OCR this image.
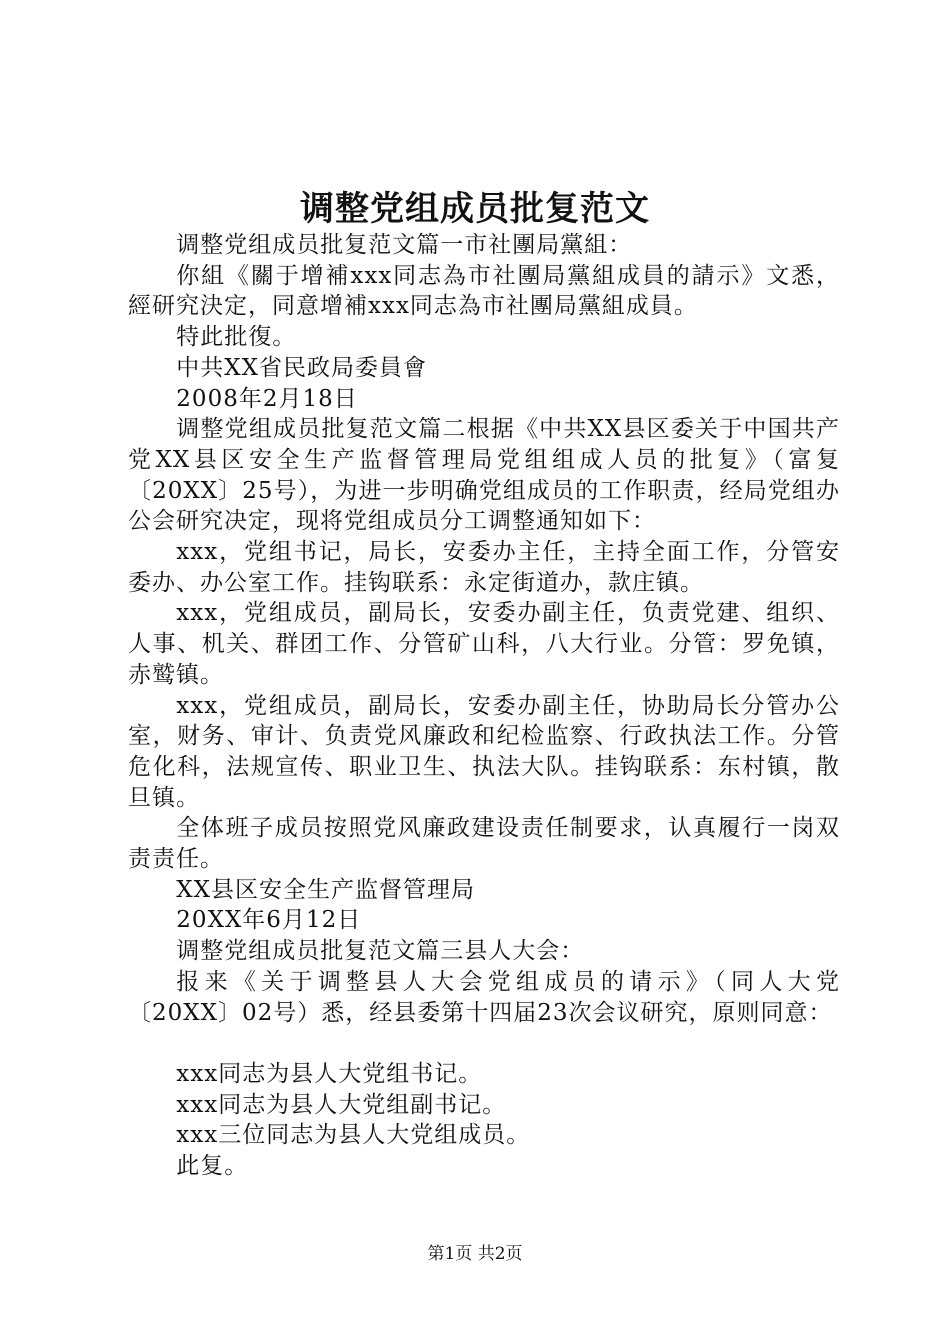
调整党组成员批复范文

调整党组成员批复范文篇一市社團局黨組：

你組《關于增補xxx同志為市社團局黨組成員的請示》文悉，經研究決定，同意增補xxx同志為市社團局黨組成員。

特此批復。

中共XX省民政局委員會

2008年2月18日

调整党组成员批复范文篇二根据《中共XX县区委关于中国共产党XX县区安全生产监督管理局党组组成人员的批复》（富复〔20XX〕25号），为进一步明确党组成员的工作职责，经局党组办公会研究决定，现将党组成员分工调整通知如下：

xxx，党组书记，局长，安委办主任，主持全面工作，分管安委办、办公室工作。挂钩联系：永定街道办，款庄镇。

xxx，党组成员，副局长，安委办副主任，负责党建、组织、人事、机关、群团工作、分管矿山科，八大行业。分管：罗免镇，赤鹫镇。

xxx，党组成员，副局长，安委办副主任，协助局长分管办公室，财务、审计、负责党风廉政和纪检监察、行政执法工作。分管危化科，法规宣传、职业卫生、执法大队。挂钩联系：东村镇，散旦镇。

全体班子成员按照党风廉政建设责任制要求，认真履行一岗双责责任。

XX县区安全生产监督管理局

20XX年6月12日

调整党组成员批复范文篇三县人大会：

报来《关于调整县人大会党组成员的请示》（同人大党〔20XX〕02号）悉，经县委第十四届23次会议研究，原则同意：

xxx同志为县人大党组书记。

xxx同志为县人大党组副书记。

xxx三位同志为县人大党组成员。

此复。

第1页 共2页
